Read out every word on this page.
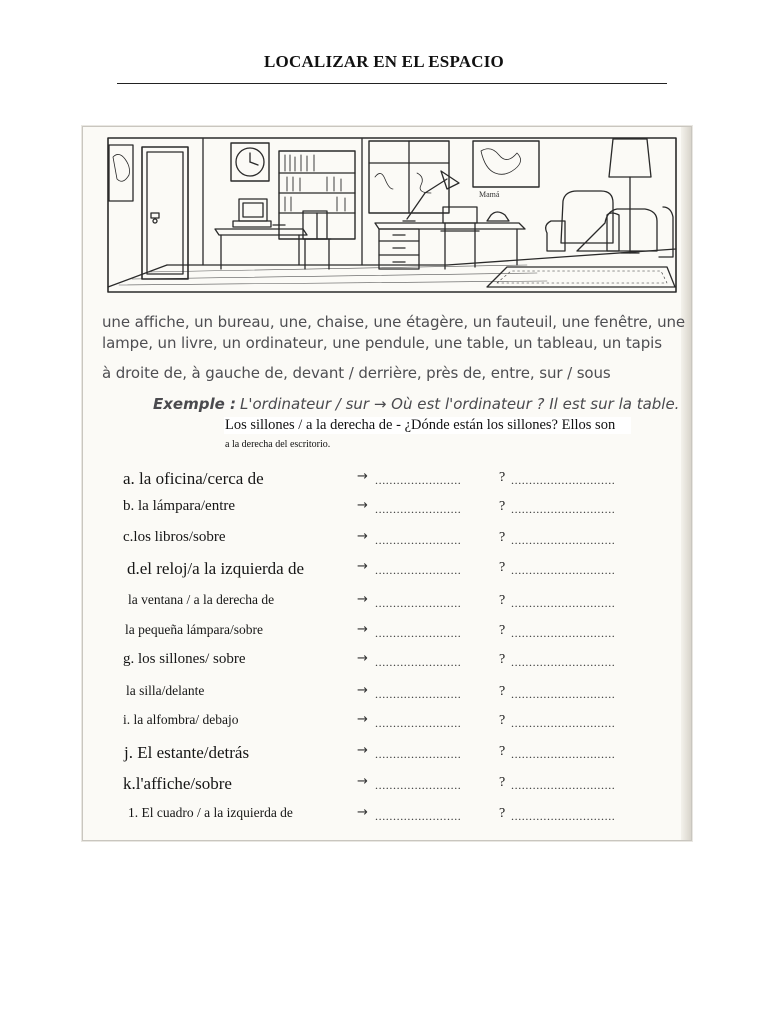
LOCALIZAR EN EL ESPACIO
Mamá
une affiche, un bureau, une, chaise, une étagère, un fauteuil, une fenêtre, une
lampe, un livre, un ordinateur, une pendule, une table, un tableau, un tapis
à droite de, à gauche de, devant / derrière, près de, entre, sur / sous
Exemple : L'ordinateur / sur → Où est l'ordinateur ? Il est sur la table.
Los sillones / a la derecha de - ¿Dónde están los sillones? Ellos son
a la derecha del escritorio.
a. la oficina/cerca de	→ ........................	? .............................
b. la lámpara/entre	→ ........................	? .............................
c.los libros/sobre	→ ........................	? .............................
d.el reloj/a la izquierda de	→ ........................	? .............................
la ventana / a la derecha de	→ ........................	? .............................
la pequeña lámpara/sobre	→ ........................	? .............................
g. los sillones/ sobre	→ ........................	? .............................
la silla/delante	→ ........................	? .............................
i. la alfombra/ debajo	→ ........................	? .............................
j. El estante/detrás	→ ........................	? .............................
k.l'affiche/sobre	→ ........................	? .............................
1. El cuadro / a la izquierda de	→ ........................	? .............................
